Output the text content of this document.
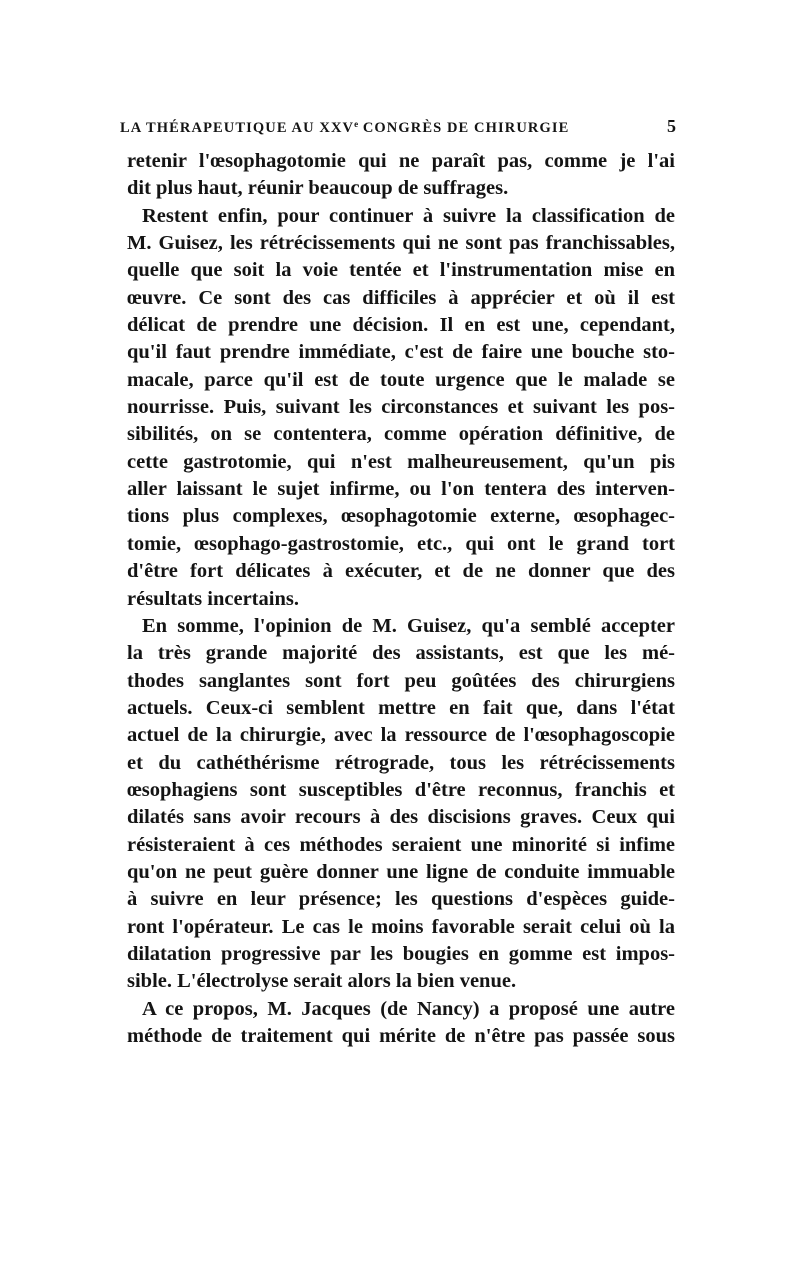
LA THÉRAPEUTIQUE AU XXVe CONGRÈS DE CHIRURGIE	5
retenir l'œsophagotomie qui ne paraît pas, comme je l'ai
dit plus haut, réunir beaucoup de suffrages.
Restent enfin, pour continuer à suivre la classification de
M. Guisez, les rétrécissements qui ne sont pas franchissables,
quelle que soit la voie tentée et l'instrumentation mise en
œuvre. Ce sont des cas difficiles à apprécier et où il est
délicat de prendre une décision. Il en est une, cependant,
qu'il faut prendre immédiate, c'est de faire une bouche sto-
macale, parce qu'il est de toute urgence que le malade se
nourrisse. Puis, suivant les circonstances et suivant les pos-
sibilités, on se contentera, comme opération définitive, de
cette gastrotomie, qui n'est malheureusement, qu'un pis
aller laissant le sujet infirme, ou l'on tentera des interven-
tions plus complexes, œsophagotomie externe, œsophagec-
tomie, œsophago-gastrostomie, etc., qui ont le grand tort
d'être fort délicates à exécuter, et de ne donner que des
résultats incertains.
En somme, l'opinion de M. Guisez, qu'a semblé accepter
la très grande majorité des assistants, est que les mé-
thodes sanglantes sont fort peu goûtées des chirurgiens
actuels. Ceux-ci semblent mettre en fait que, dans l'état
actuel de la chirurgie, avec la ressource de l'œsophagoscopie
et du cathéthérisme rétrograde, tous les rétrécissements
œsophagiens sont susceptibles d'être reconnus, franchis et
dilatés sans avoir recours à des discisions graves. Ceux qui
résisteraient à ces méthodes seraient une minorité si infime
qu'on ne peut guère donner une ligne de conduite immuable
à suivre en leur présence; les questions d'espèces guide-
ront l'opérateur. Le cas le moins favorable serait celui où la
dilatation progressive par les bougies en gomme est impos-
sible. L'électrolyse serait alors la bien venue.
A ce propos, M. Jacques (de Nancy) a proposé une autre
méthode de traitement qui mérite de n'être pas passée sous
